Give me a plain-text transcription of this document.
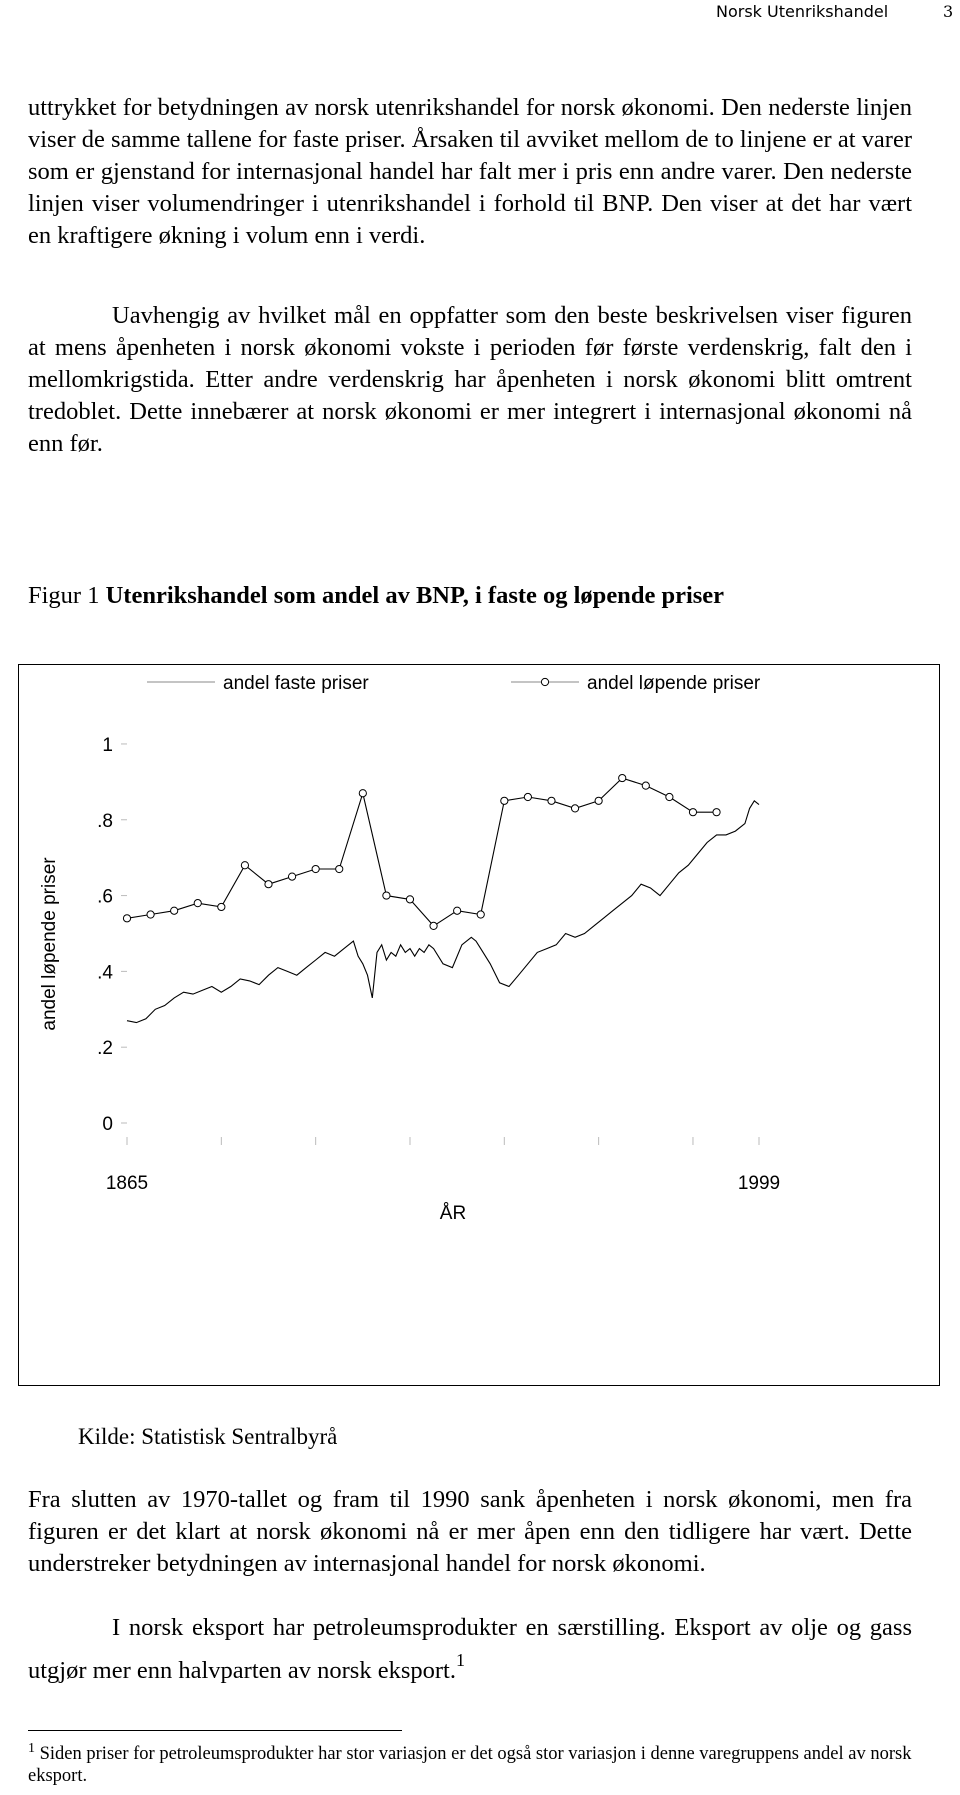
Norsk Utenrikshandel	3

uttrykket for betydningen av norsk utenrikshandel for norsk økonomi. Den nederste linjen viser de samme tallene for faste priser. Årsaken til avviket mellom de to linjene er at varer som er gjenstand for internasjonal handel har falt mer i pris enn andre varer. Den nederste linjen viser volumendringer i utenrikshandel i forhold til BNP. Den viser at det har vært en kraftigere økning i volum enn i verdi.

Uavhengig av hvilket mål en oppfatter som den beste beskrivelsen viser figuren at mens åpenheten i norsk økonomi vokste i perioden før første verdenskrig, falt den i mellomkrigstida. Etter andre verdenskrig har åpenheten i norsk økonomi blitt omtrent tredoblet. Dette innebærer at norsk økonomi er mer integrert i internasjonal økonomi nå enn før.

Figur 1 Utenrikshandel som andel av BNP, i faste og løpende priser
0
.2
.4
.6
.8
1
1865	1999
ÅR
andel løpende priser
andel faste priser	andel løpende priser
Kilde: Statistisk Sentralbyrå

Fra slutten av 1970-tallet og fram til 1990 sank åpenheten i norsk økonomi, men fra figuren er det klart at norsk økonomi nå er mer åpen enn den tidligere har vært. Dette understreker betydningen av internasjonal handel for norsk økonomi.

I norsk eksport har petroleumsprodukter en særstilling. Eksport av olje og gass utgjør mer enn halvparten av norsk eksport.$^1$

$^1$ Siden priser for petroleumsprodukter har stor variasjon er det også stor variasjon i denne varegruppens andel av norsk eksport.
